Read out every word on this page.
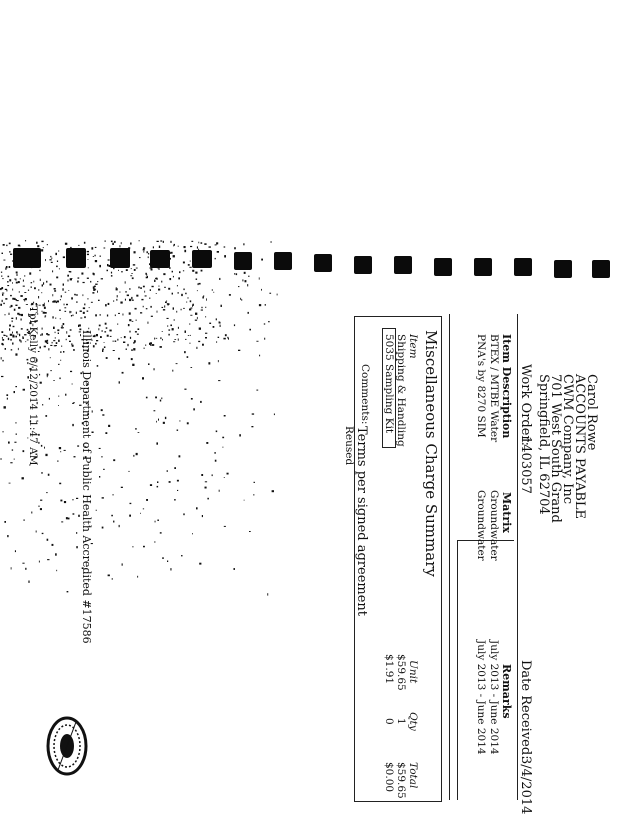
Carol Rowe
ACCOUNTS PAYABLE
CWM Company, Inc
701 West South Grand
Springfield, IL 62704
Work Order:
1403057
Date Received:
3/4/2014
Item Description
Matrix
Remarks
BTEX / MTBE Water
Groundwater
July 2013 - June 2014
PNA's by 8270 SIM
Groundwater
July 2013 - June 2014
Miscellaneous Charge Summary
Item
Unit
Qty
Total
Shipping & Handling
$59.65
1
$59.65
5035 Sampling Kit
$1.91
0
$0.00
Comments:
Terms per signed agreement
Reused
Illinois Department of Public Health Accredited #17586
Tpl-Kelly 6/12/2014 11:47 AM
